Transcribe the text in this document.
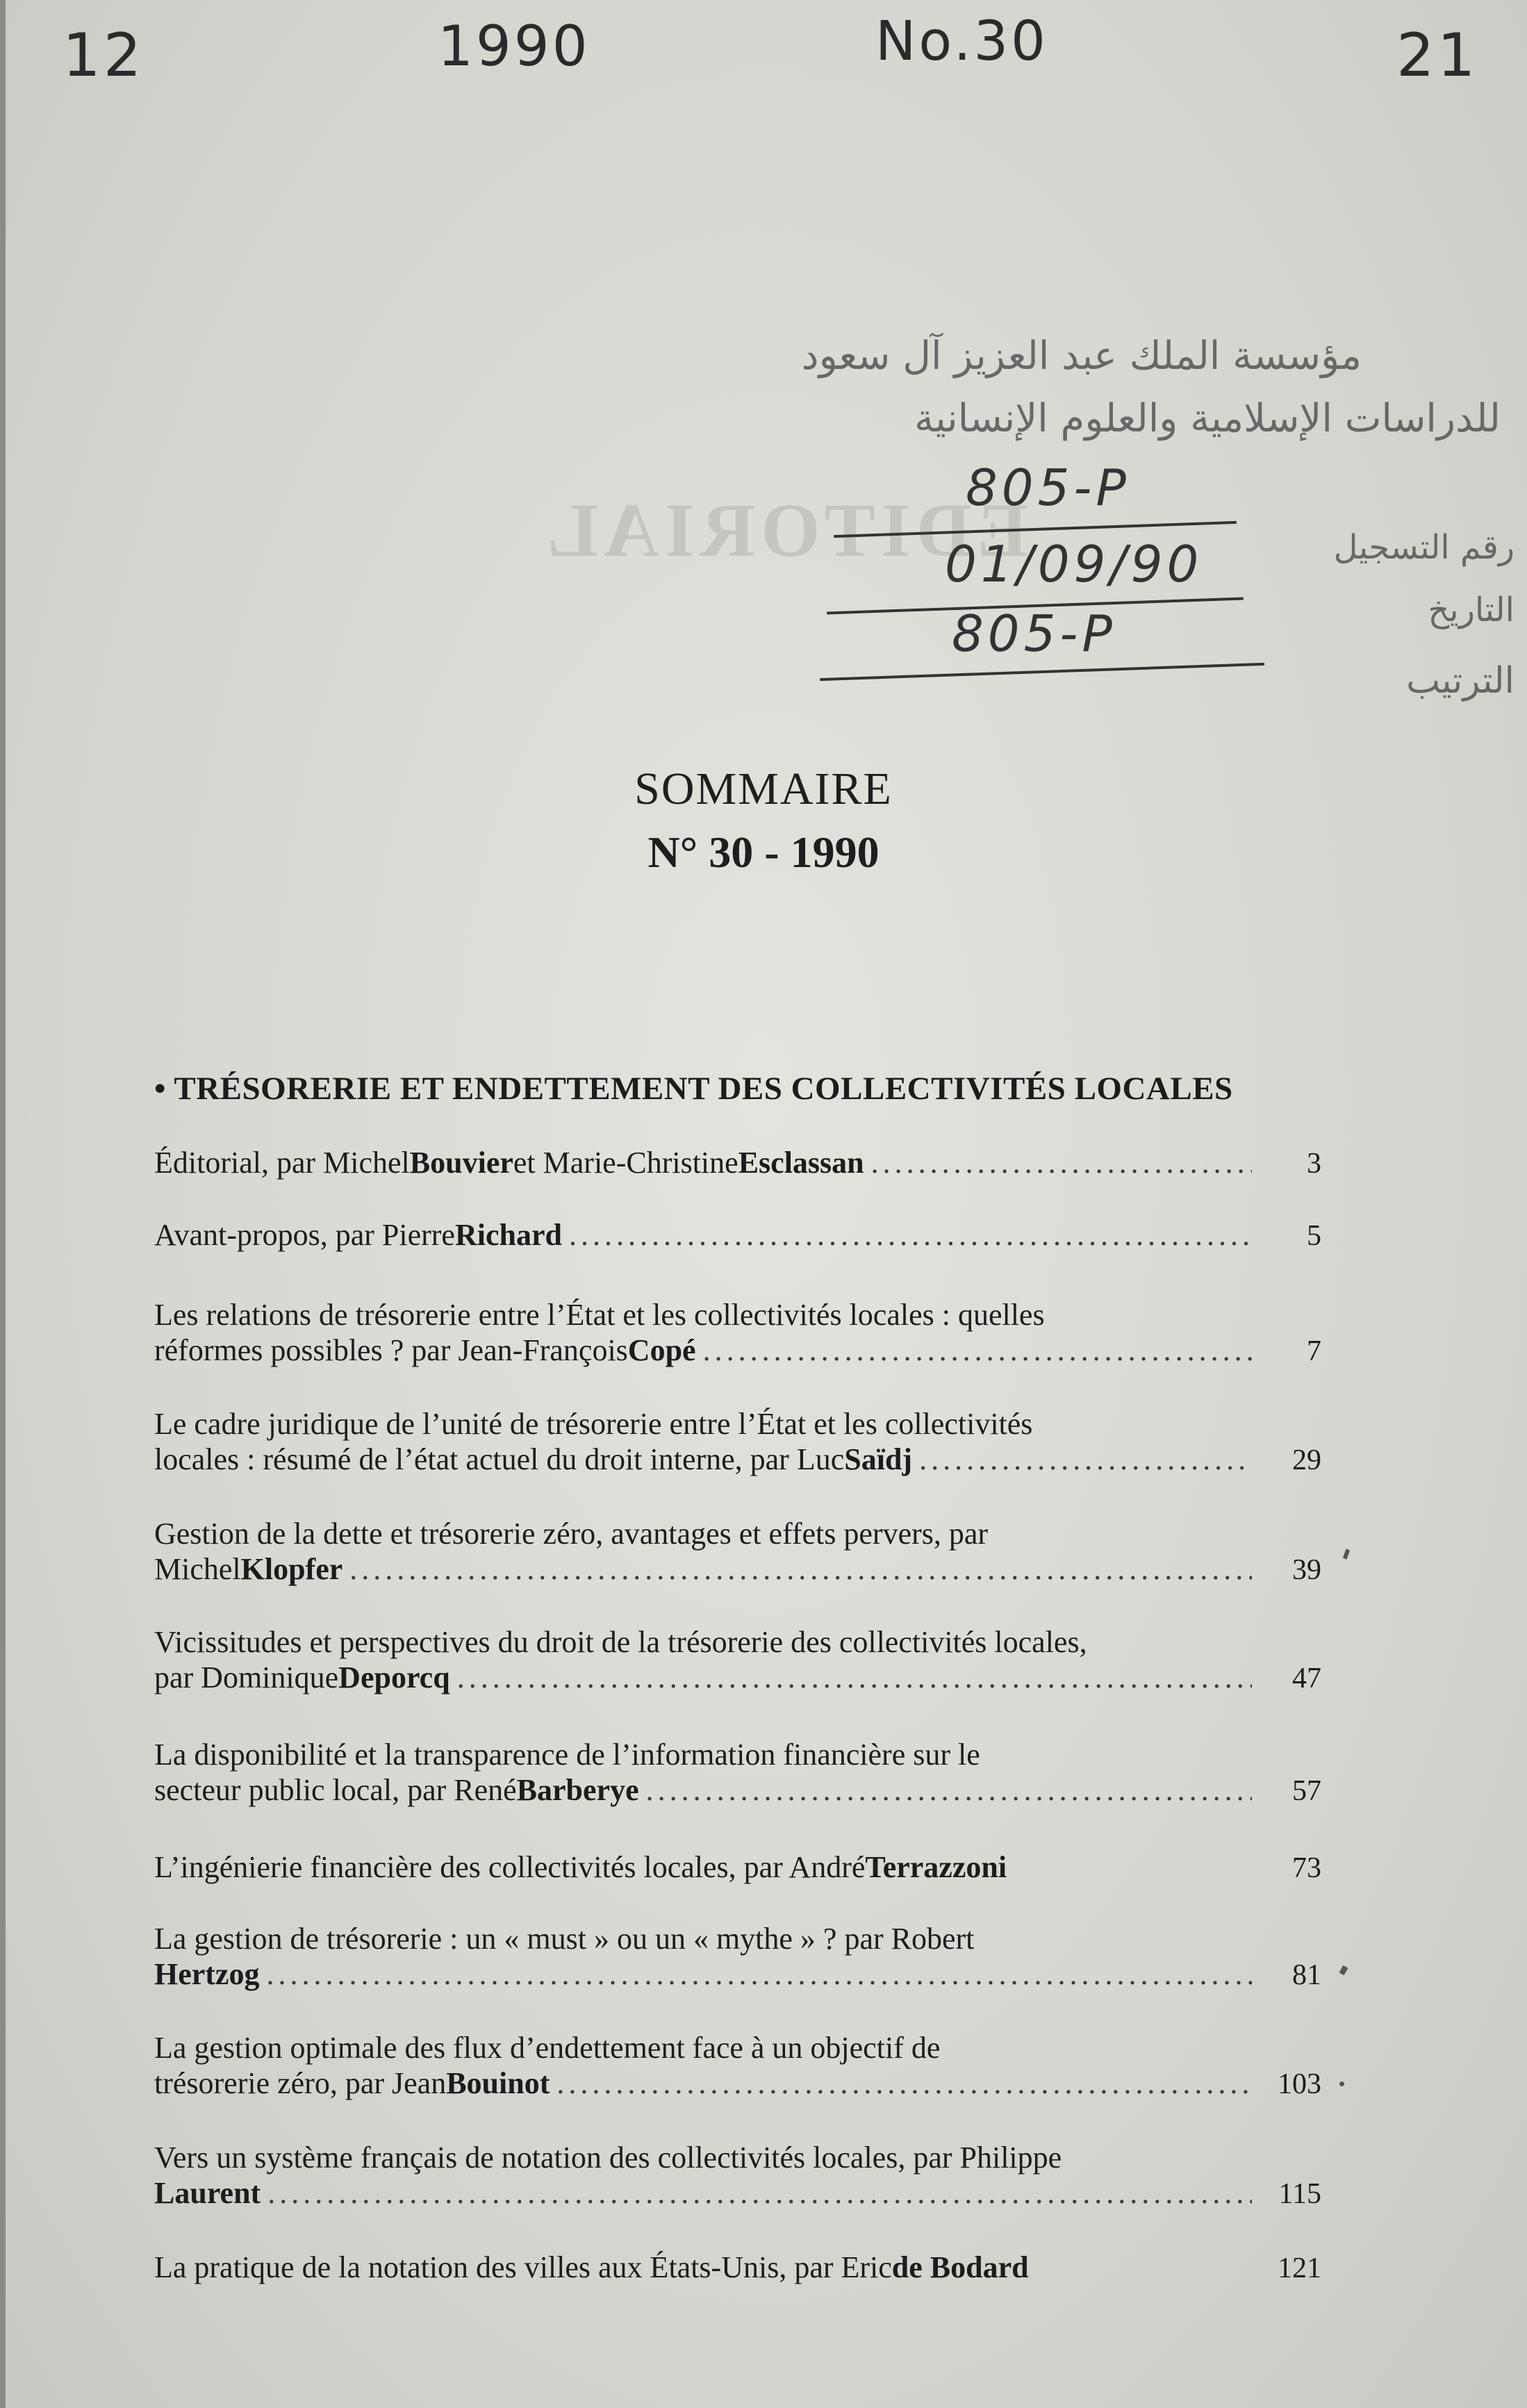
12	1990	No.30	21
EDITORIAL
مؤسسة الملك عبد العزيز آل سعود
للدراسات الإسلامية والعلوم الإنسانية
رقم التسجيل
التاريخ
الترتيب
805-P
01/09/90
805-P
SOMMAIRE
N° 30 - 1990
• TRÉSORERIE ET ENDETTEMENT DES COLLECTIVITÉS LOCALES
Éditorial, par Michel Bouvier et Marie-Christine Esclassan .....	3
Avant-propos, par Pierre Richard .....	5
Les relations de trésorerie entre l’État et les collectivités locales : quelles
réformes possibles ? par Jean-François Copé .....	7
Le cadre juridique de l’unité de trésorerie entre l’État et les collectivités
locales : résumé de l’état actuel du droit interne, par Luc Saïdj .....	29
Gestion de la dette et trésorerie zéro, avantages et effets pervers, par
Michel Klopfer .....	39
Vicissitudes et perspectives du droit de la trésorerie des collectivités locales,
par Dominique Deporcq .....	47
La disponibilité et la transparence de l’information financière sur le
secteur public local, par René Barberye .....	57
L’ingénierie financière des collectivités locales, par André Terrazzoni	73
La gestion de trésorerie : un « must » ou un « mythe » ? par Robert
Hertzog .....	81
La gestion optimale des flux d’endettement face à un objectif de
trésorerie zéro, par Jean Bouinot .....	103
Vers un système français de notation des collectivités locales, par Philippe
Laurent .....	115
La pratique de la notation des villes aux États-Unis, par Eric de Bodard	121
